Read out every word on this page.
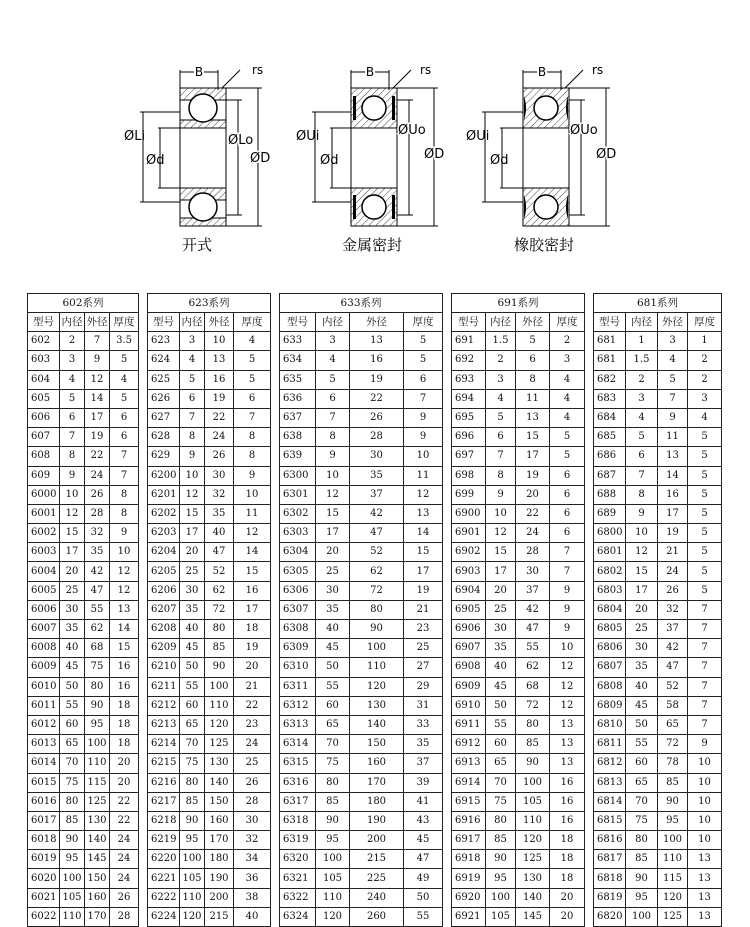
B	rs
ØLi
Ød
ØLo
ØD
B	rs
ØUi
Ød
ØUo
ØD
B	rs
ØUi
Ød
ØUo
ØD
开式	金属密封	橡胶密封
602系列			
型号	内径	外径	厚度
602	2	7	3.5
603	3	9	5
604	4	12	4
605	5	14	5
606	6	17	6
607	7	19	6
608	8	22	7
609	9	24	7
6000	10	26	8
6001	12	28	8
6002	15	32	9
6003	17	35	10
6004	20	42	12
6005	25	47	12
6006	30	55	13
6007	35	62	14
6008	40	68	15
6009	45	75	16
6010	50	80	16
6011	55	90	18
6012	60	95	18
6013	65	100	18
6014	70	110	20
6015	75	115	20
6016	80	125	22
6017	85	130	22
6018	90	140	24
6019	95	145	24
6020	100	150	24
6021	105	160	26
6022	110	170	28
623系列			
型号	内径	外径	厚度
623	3	10	4
624	4	13	5
625	5	16	5
626	6	19	6
627	7	22	7
628	8	24	8
629	9	26	8
6200	10	30	9
6201	12	32	10
6202	15	35	11
6203	17	40	12
6204	20	47	14
6205	25	52	15
6206	30	62	16
6207	35	72	17
6208	40	80	18
6209	45	85	19
6210	50	90	20
6211	55	100	21
6212	60	110	22
6213	65	120	23
6214	70	125	24
6215	75	130	25
6216	80	140	26
6217	85	150	28
6218	90	160	30
6219	95	170	32
6220	100	180	34
6221	105	190	36
6222	110	200	38
6224	120	215	40
633系列			
型号	内径	外径	厚度
633	3	13	5
634	4	16	5
635	5	19	6
636	6	22	7
637	7	26	9
638	8	28	9
639	9	30	10
6300	10	35	11
6301	12	37	12
6302	15	42	13
6303	17	47	14
6304	20	52	15
6305	25	62	17
6306	30	72	19
6307	35	80	21
6308	40	90	23
6309	45	100	25
6310	50	110	27
6311	55	120	29
6312	60	130	31
6313	65	140	33
6314	70	150	35
6315	75	160	37
6316	80	170	39
6317	85	180	41
6318	90	190	43
6319	95	200	45
6320	100	215	47
6321	105	225	49
6322	110	240	50
6324	120	260	55
691系列			
型号	内径	外径	厚度
691	1.5	5	2
692	2	6	3
693	3	8	4
694	4	11	4
695	5	13	4
696	6	15	5
697	7	17	5
698	8	19	6
699	9	20	6
6900	10	22	6
6901	12	24	6
6902	15	28	7
6903	17	30	7
6904	20	37	9
6905	25	42	9
6906	30	47	9
6907	35	55	10
6908	40	62	12
6909	45	68	12
6910	50	72	12
6911	55	80	13
6912	60	85	13
6913	65	90	13
6914	70	100	16
6915	75	105	16
6916	80	110	16
6917	85	120	18
6918	90	125	18
6919	95	130	18
6920	100	140	20
6921	105	145	20
681系列			
型号	内径	外径	厚度
681	1	3	1
681	1.5	4	2
682	2	5	2
683	3	7	3
684	4	9	4
685	5	11	5
686	6	13	5
687	7	14	5
688	8	16	5
689	9	17	5
6800	10	19	5
6801	12	21	5
6802	15	24	5
6803	17	26	5
6804	20	32	7
6805	25	37	7
6806	30	42	7
6807	35	47	7
6808	40	52	7
6809	45	58	7
6810	50	65	7
6811	55	72	9
6812	60	78	10
6813	65	85	10
6814	70	90	10
6815	75	95	10
6816	80	100	10
6817	85	110	13
6818	90	115	13
6819	95	120	13
6820	100	125	13
